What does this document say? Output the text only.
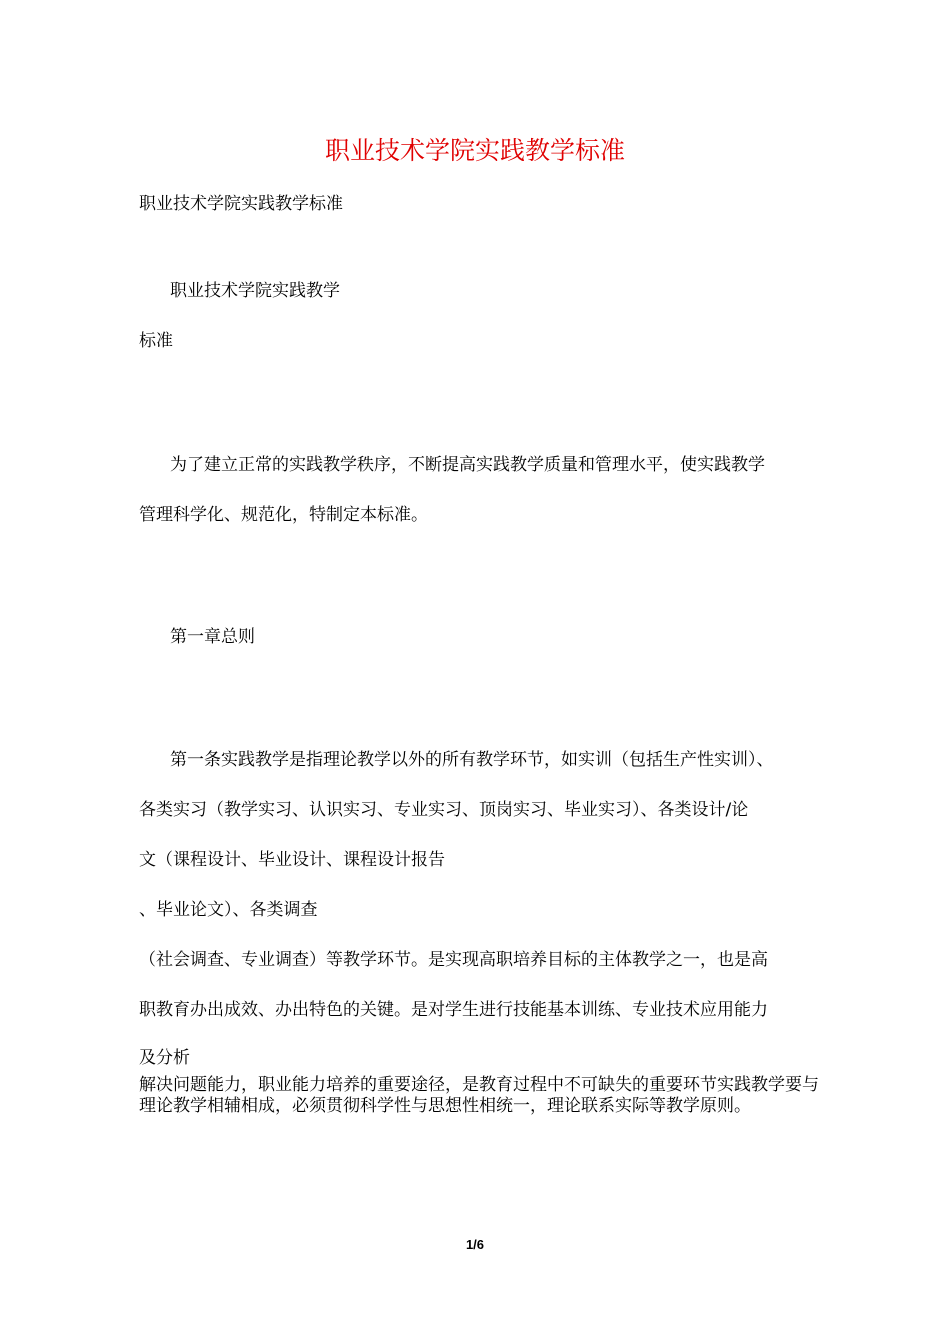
职业技术学院实践教学标准
职业技术学院实践教学标准
职业技术学院实践教学
标准
为了建立正常的实践教学秩序，不断提高实践教学质量和管理水平，使实践教学
管理科学化、规范化，特制定本标准。
第一章总则
第一条实践教学是指理论教学以外的所有教学环节，如实训（包括生产性实训）、
各类实习（教学实习、认识实习、专业实习、顶岗实习、毕业实习）、各类设计/论
文（课程设计、毕业设计、课程设计报告
、毕业论文）、各类调查
（社会调查、专业调查）等教学环节。是实现高职培养目标的主体教学之一，也是高
职教育办出成效、办出特色的关键。是对学生进行技能基本训练、专业技术应用能力
及分析
解决问题能力，职业能力培养的重要途径，是教育过程中不可缺失的重要环节实践教学要与理论教学相辅相成，必须贯彻科学性与思想性相统一，理论联系实际等教学原则。
1/6
